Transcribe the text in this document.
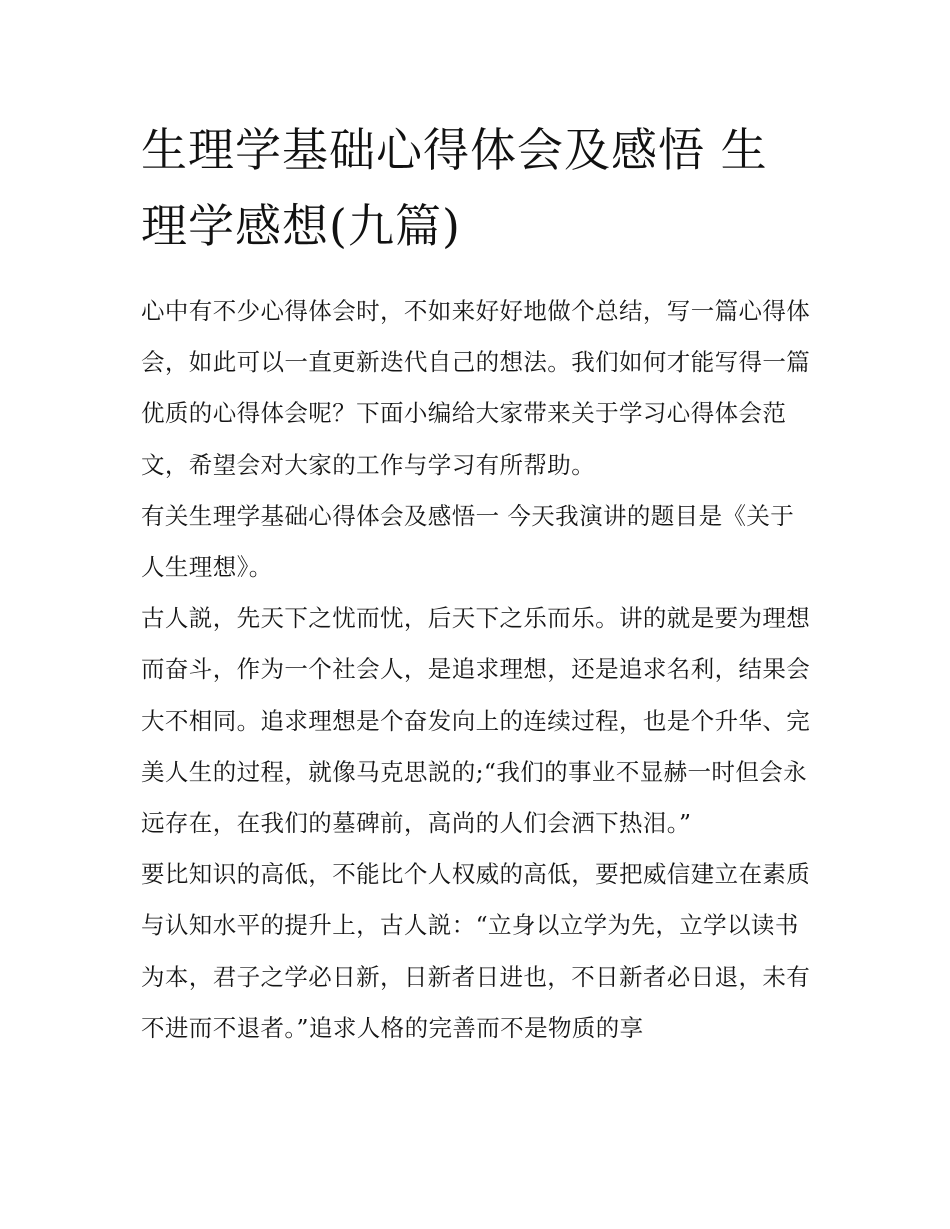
生理学基础心得体会及感悟 生理学感想(九篇)

心中有不少心得体会时，不如来好好地做个总结，写一篇心得体会，如此可以一直更新迭代自己的想法。我们如何才能写得一篇优质的心得体会呢？下面小编给大家带来关于学习心得体会范文，希望会对大家的工作与学习有所帮助。

有关生理学基础心得体会及感悟一 今天我演讲的题目是《关于人生理想》。

古人説，先天下之忧而忧，后天下之乐而乐。讲的就是要为理想而奋斗，作为一个社会人，是追求理想，还是追求名利，结果会大不相同。追求理想是个奋发向上的连续过程，也是个升华、完美人生的过程，就像马克思説的;“我们的事业不显赫一时但会永远存在，在我们的墓碑前，高尚的人们会洒下热泪。”

要比知识的高低，不能比个人权威的高低，要把威信建立在素质与认知水平的提升上，古人説：“立身以立学为先，立学以读书为本，君子之学必日新，日新者日进也，不日新者必日退，未有不进而不退者。”追求人格的完善而不是物质的享
